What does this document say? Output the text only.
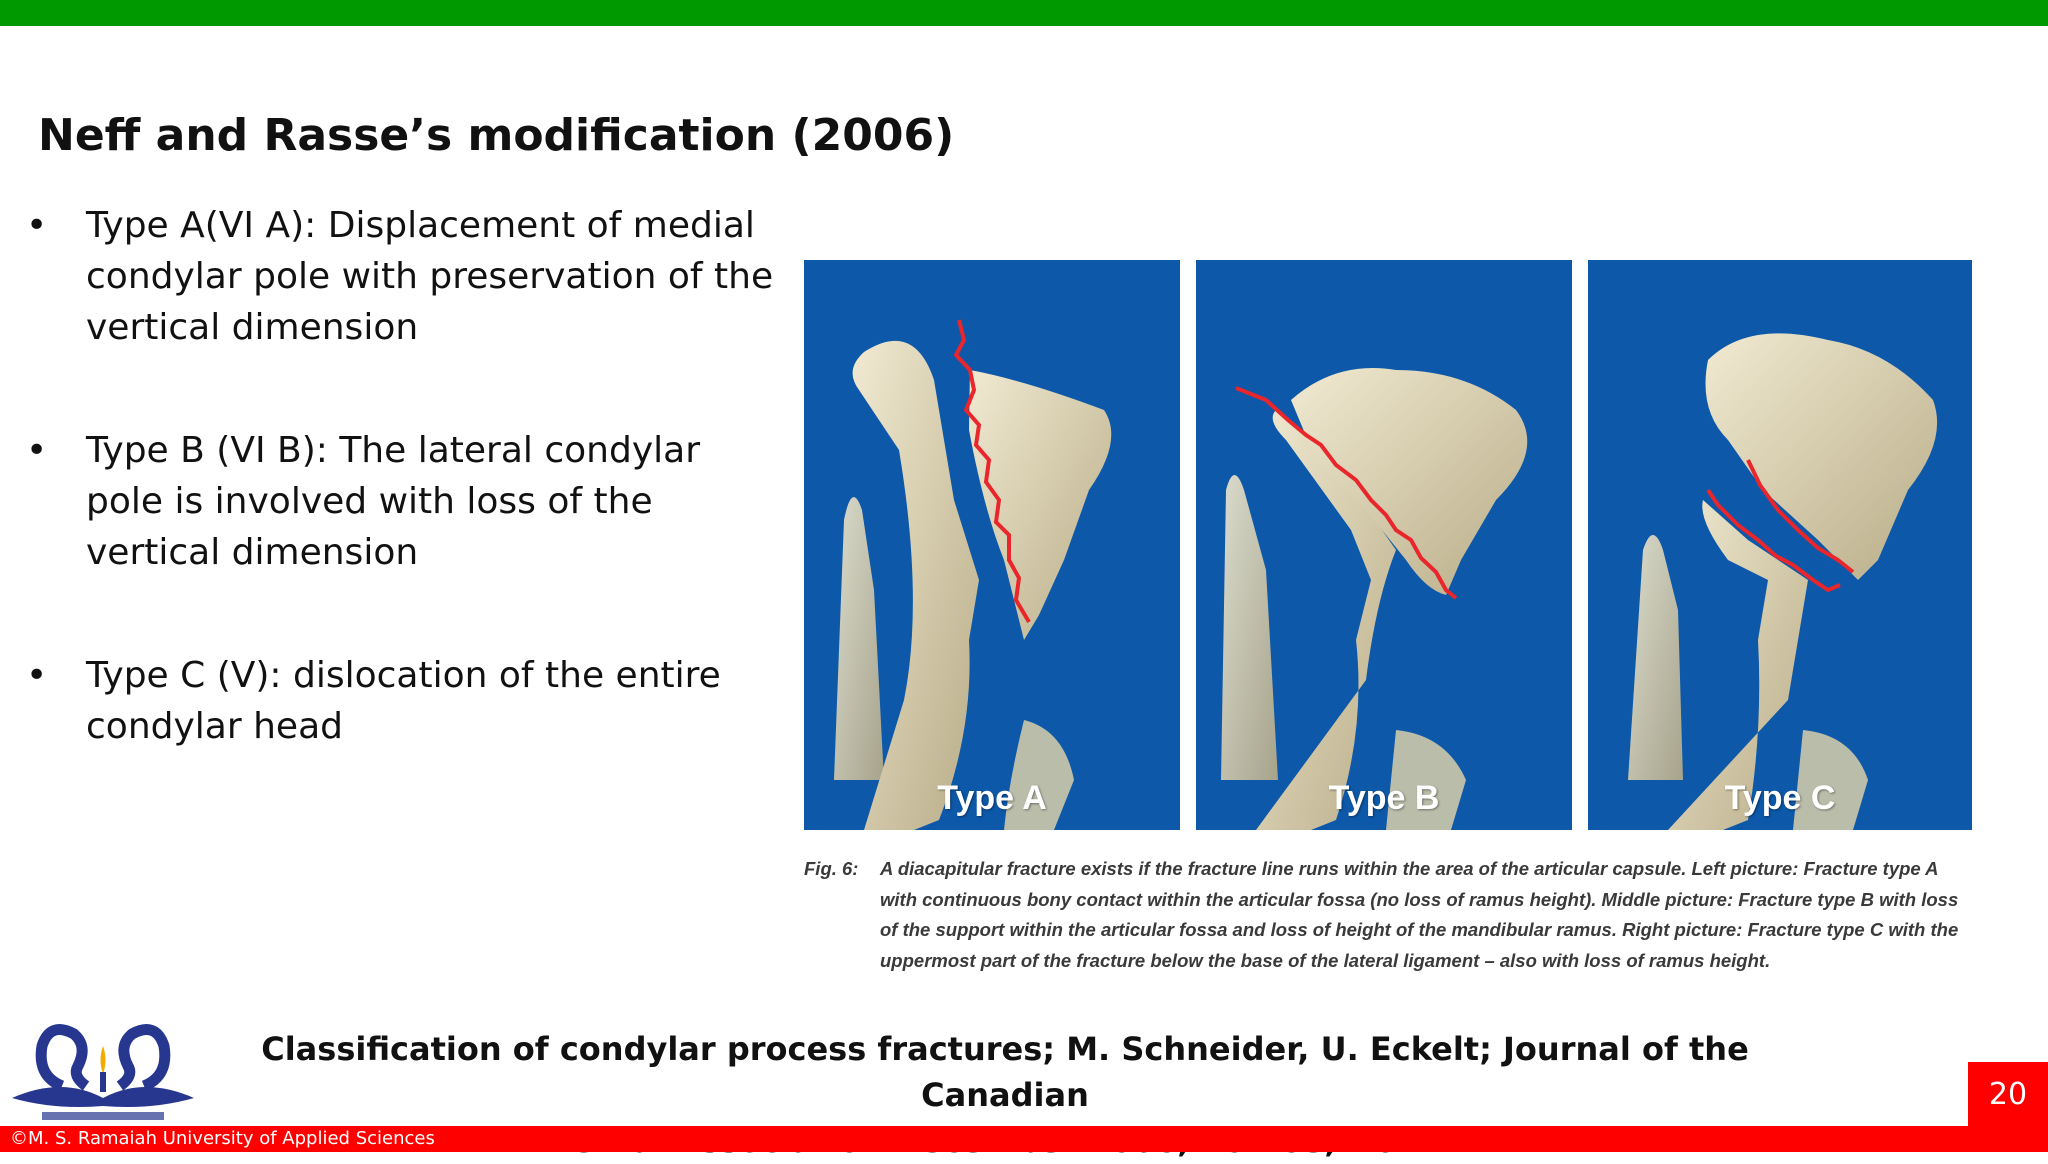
Neff and Rasse’s modification (2006)
• Type A(VI A): Displacement of medial condylar pole with preservation of the vertical dimension
• Type B (VI B): The lateral condylar pole is involved with loss of the vertical dimension
• Type C (V): dislocation of the entire condylar head
Type A	Type B	Type C
Fig. 6: A diacapitular fracture exists if the fracture line runs within the area of the articular capsule. Left picture: Fracture type A with continuous bony contact within the articular fossa (no loss of ramus height). Middle picture: Fracture type B with loss of the support within the articular fossa and loss of height of the mandibular ramus. Right picture: Fracture type C with the uppermost part of the fracture below the base of the lateral ligament – also with loss of ramus height.
Classification of condylar process fractures; M. Schneider, U. Eckelt; Journal of the Canadian
©M. S. Ramaiah University of Applied Sciences
20
